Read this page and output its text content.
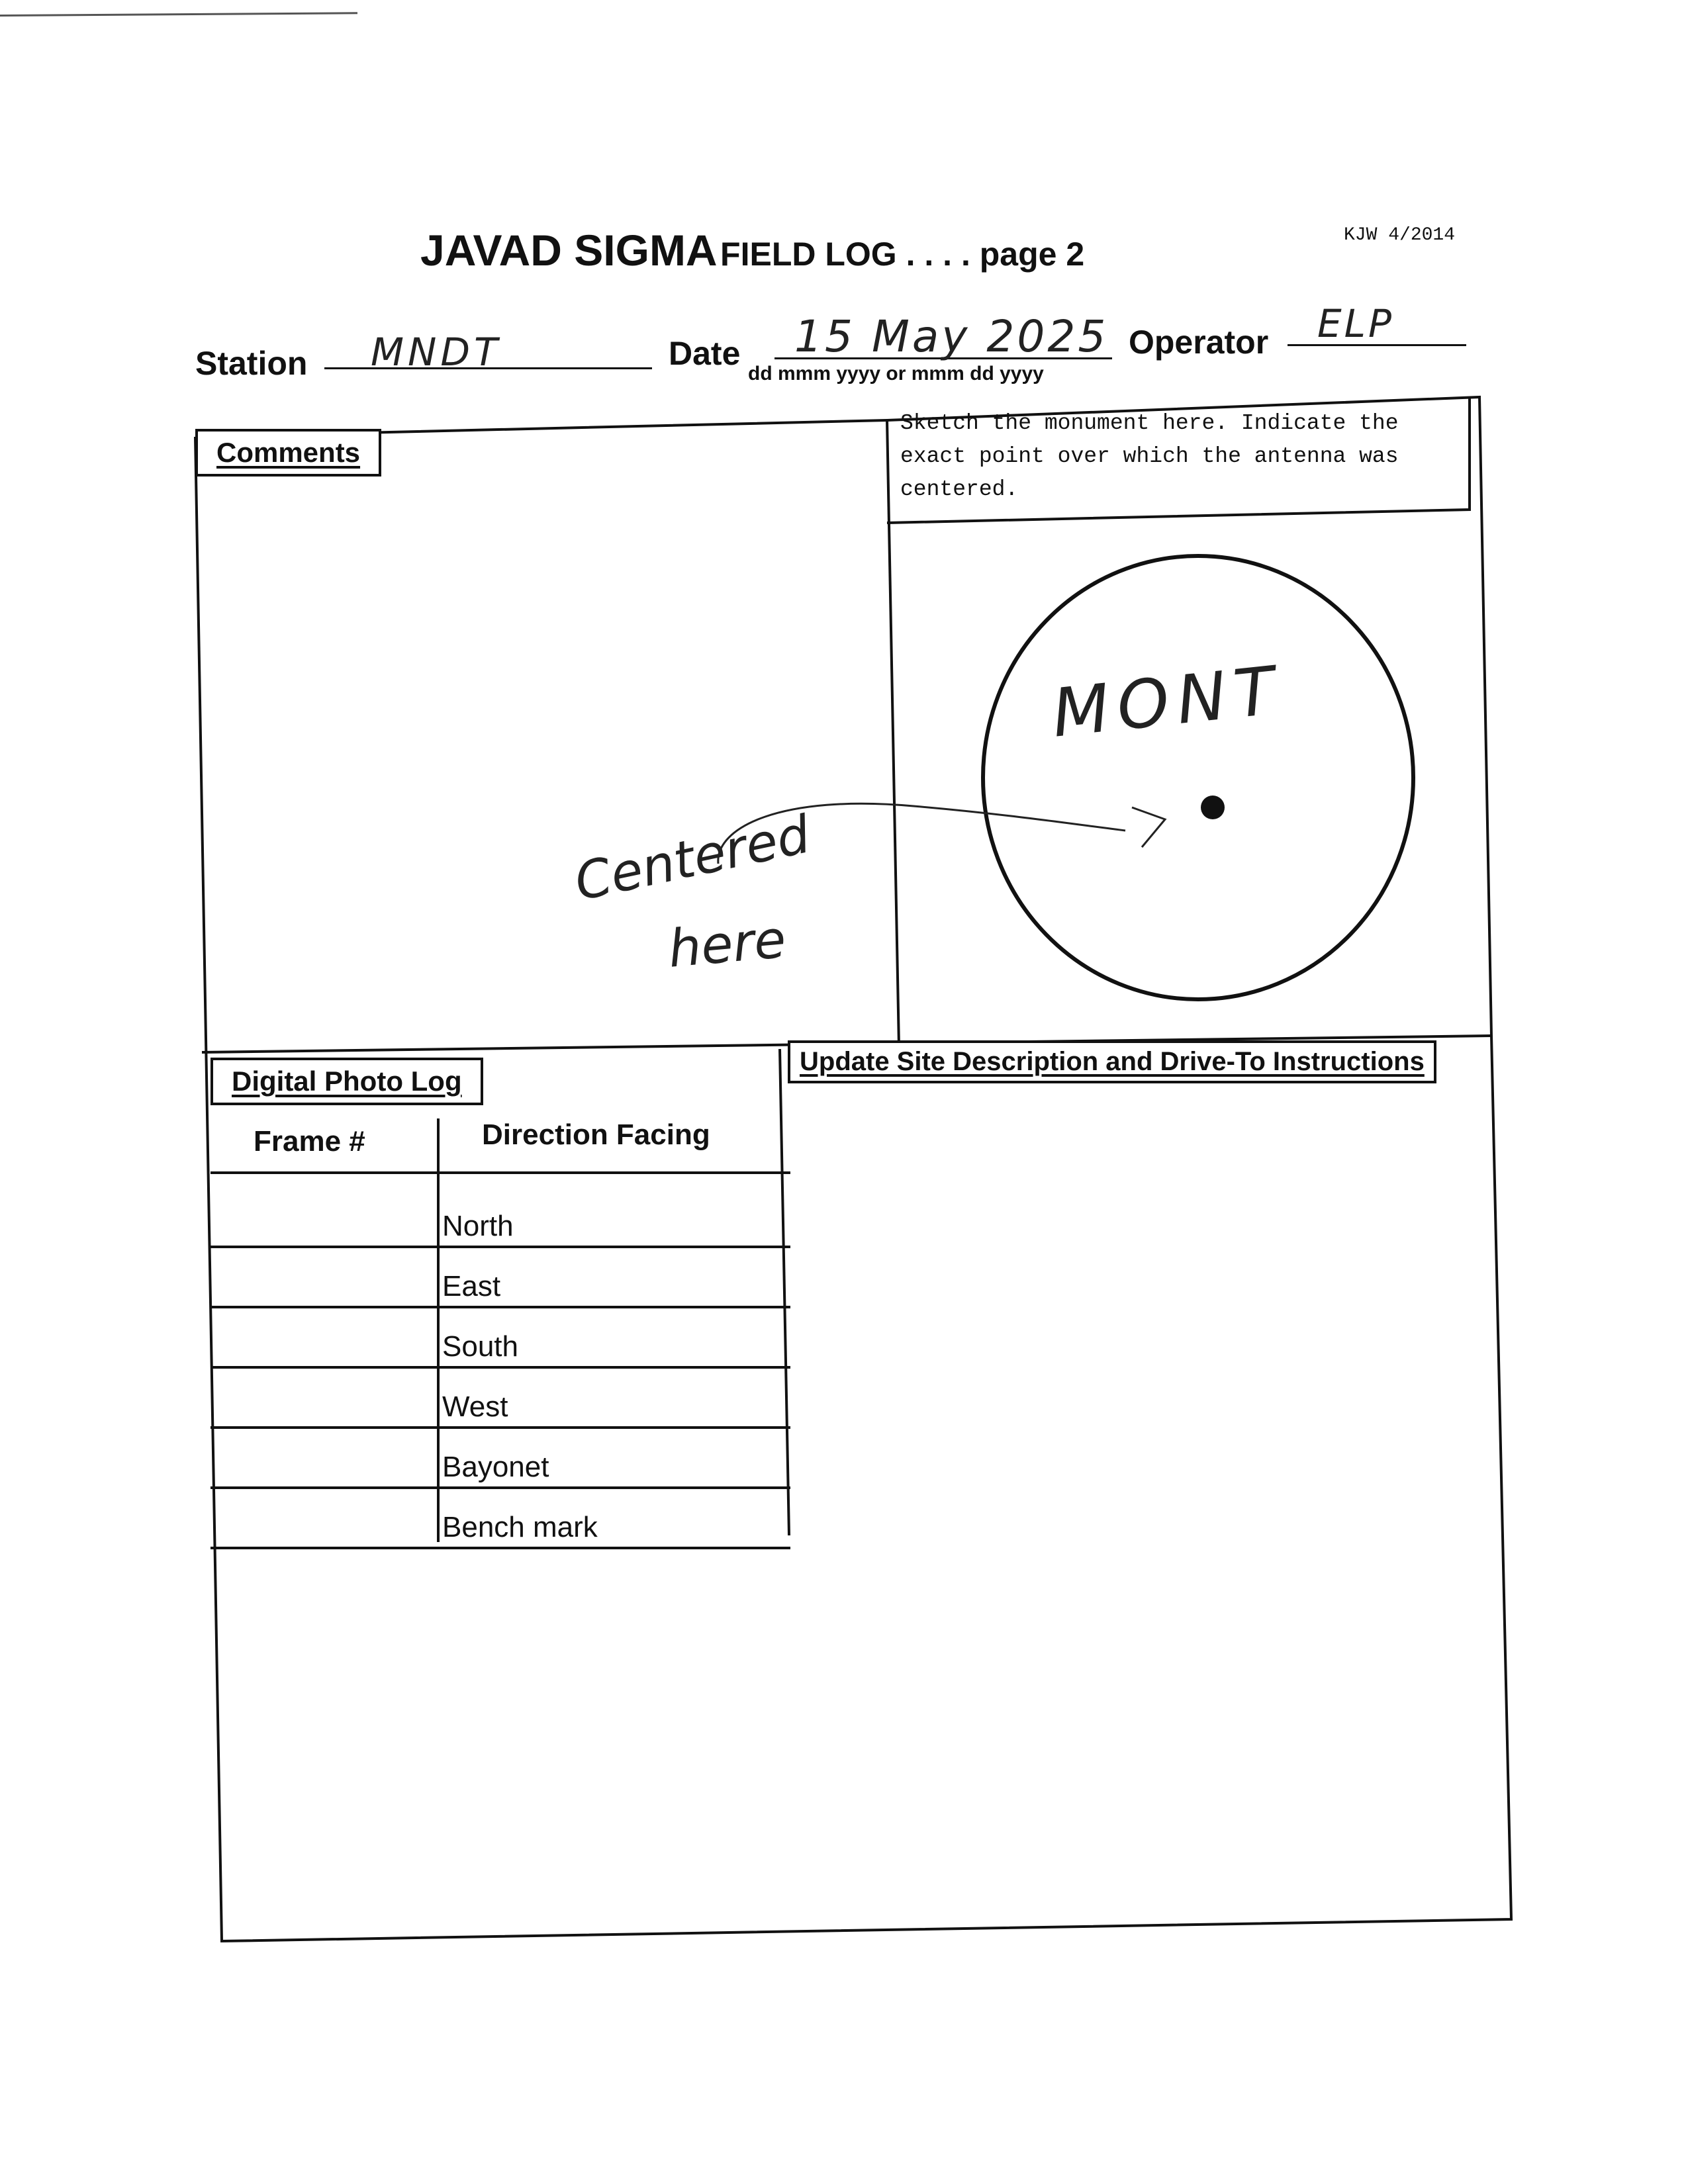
JAVAD SIGMA FIELD LOG . . . . page 2
KJW 4/2014
Station MNDT	Date 15 May 2025
dd mmm yyyy or mmm dd yyyy
Operator ELP
Comments
Centered
here
Sketch the monument here. Indicate the
exact point over which the antenna was
centered.
MONT
Digital Photo Log
Update Site Description and Drive-To Instructions
Frame #	Direction Facing
North
East
South
West
Bayonet
Bench mark
